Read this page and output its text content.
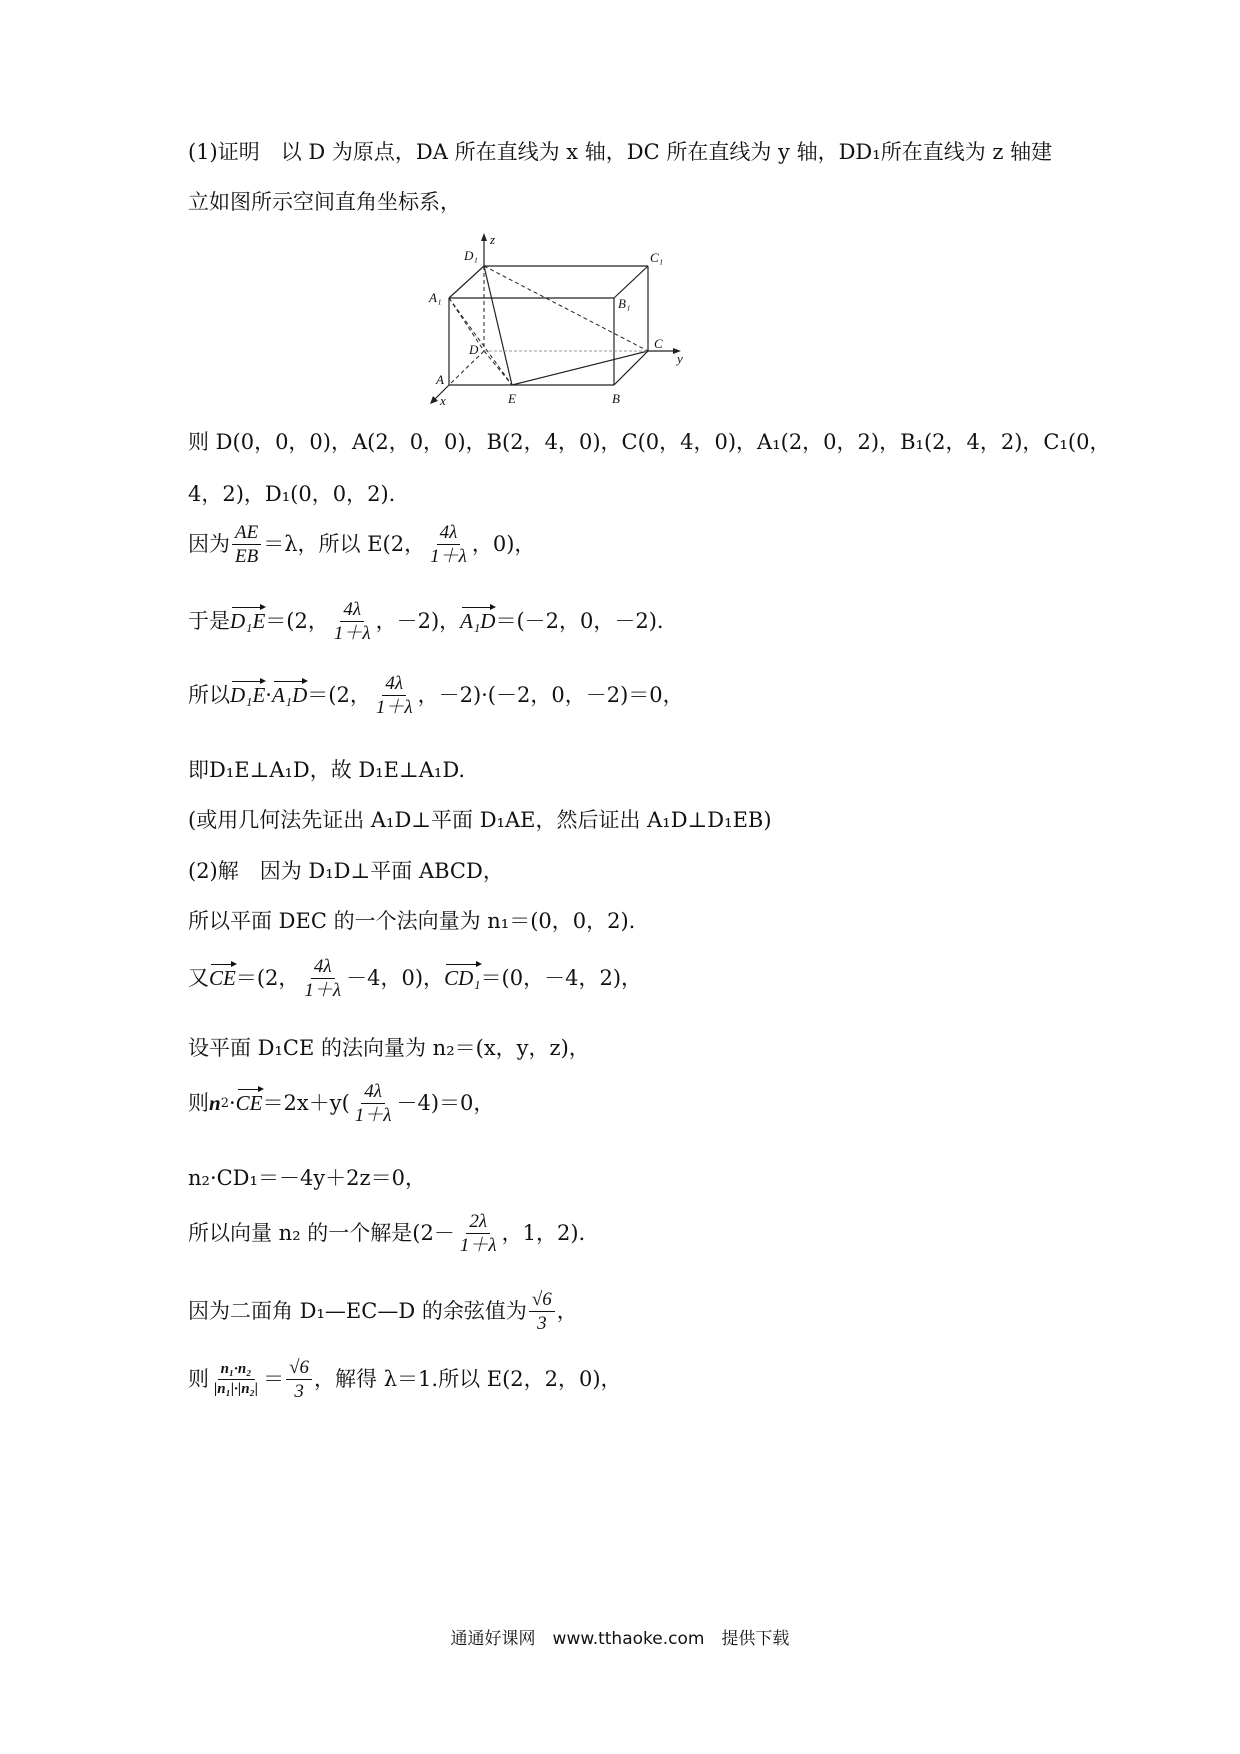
(1)证明　以 D 为原点，DA 所在直线为 x 轴，DC 所在直线为 y 轴，DD₁所在直线为 z 轴建
立如图所示空间直角坐标系，
z
D₁	C₁
A₁	B₁
D	C
y
A
x	E	B
则 D(0，0，0)，A(2，0，0)，B(2，4，0)，C(0，4，0)，A₁(2，0，2)，B₁(2，4，2)，C₁(0，
4，2)，D₁(0，0，2).
因为 $\frac{AE}{EB} =\lambda$，所以 E(2， $\frac{4\lambda}{1+\lambda}$ ，0)，
于是 D₁E ＝(2， $\frac{4\lambda}{1+\lambda}$ ，－2)， A₁D ＝(－2，0，－2).
所以 D₁E · A₁D ＝(2， $\frac{4\lambda}{1+\lambda}$ ，－2)·(－2，0，－2)＝0，
即D₁E⊥A₁D，故 D₁E⊥A₁D.
(或用几何法先证出 A₁D⊥平面 D₁AE，然后证出 A₁D⊥D₁EB)
(2)解　因为 D₁D⊥平面 ABCD，
所以平面 DEC 的一个法向量为 n₁＝(0，0，2).
又 CE ＝(2， $\frac{4\lambda}{1+\lambda} -4$，0)， CD₁ ＝(0，－4，2)，
设平面 D₁CE 的法向量为 n₂＝(x，y，z)，
则 n 2 · CE $=2x+y( \frac{4\lambda}{1+\lambda} -4)=0$，
n₂·CD₁＝－4y＋2z＝0，
所以向量 n₂ 的一个解是($2- \frac{2\lambda}{1+\lambda}$ ，1，2).
因为二面角 D₁—EC—D 的余弦值为 $\frac{√6}{3}$ ，
则 $\frac{\text{n₁·n₂}}{\text{|n₁|·|n₂|}} = \frac{√6}{3}$ ，解得 λ＝1.所以 E(2，2，0)，
通通好课网　www.tthaoke.com　提供下载
